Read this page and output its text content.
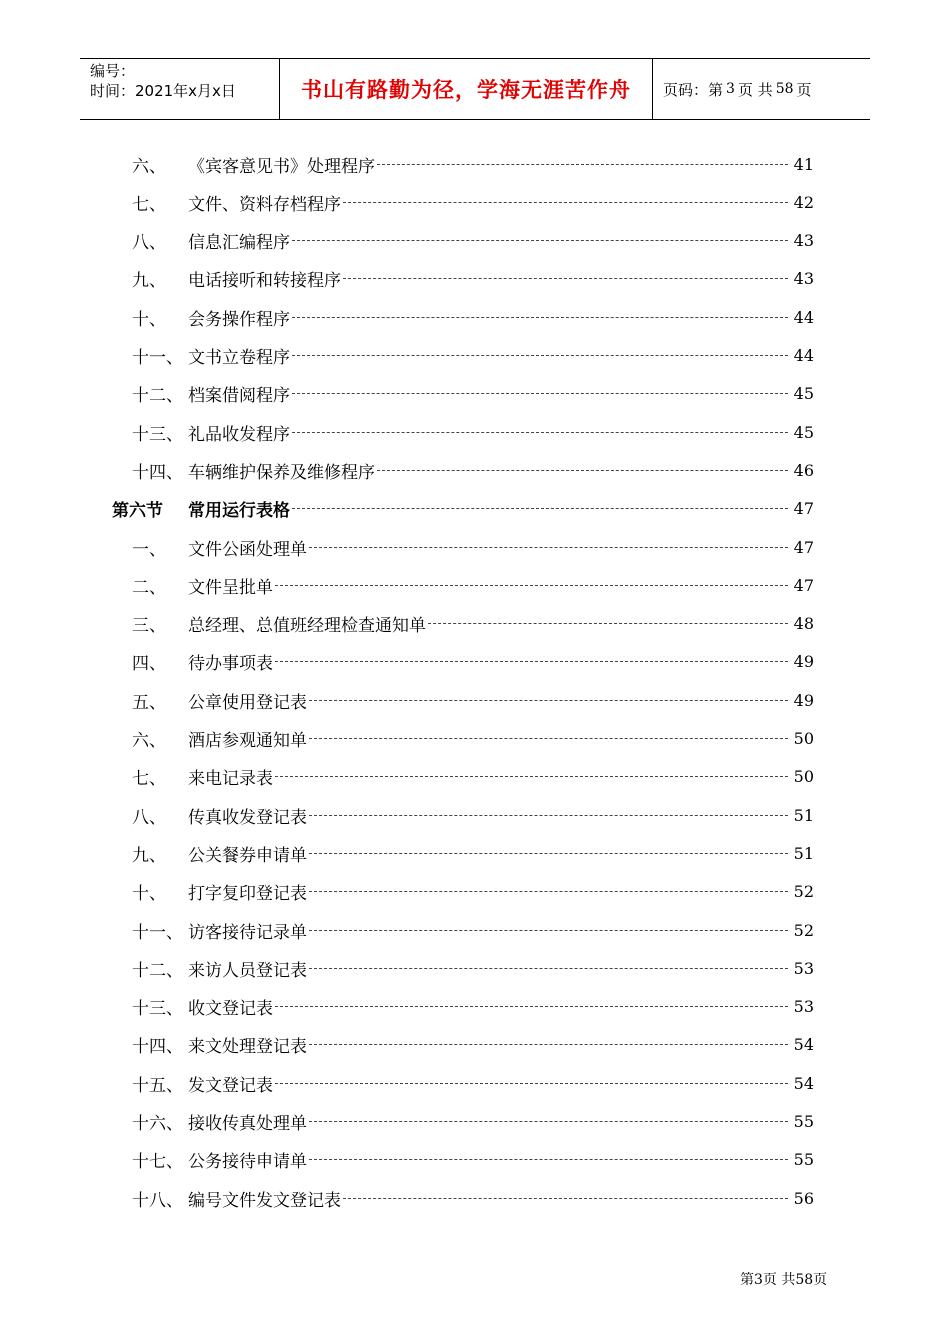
编号：
时间：2021年x月x日	书山有路勤为径，学海无涯苦作舟	页码：第 3 页 共 58 页
六、 《宾客意见书》处理程序	41
七、 文件、资料存档程序	42
八、 信息汇编程序	43
九、 电话接听和转接程序	43
十、 会务操作程序	44
十一、 文书立卷程序	44
十二、 档案借阅程序	45
十三、 礼品收发程序	45
十四、 车辆维护保养及维修程序	46
第六节 常用运行表格	47
一、 文件公函处理单	47
二、 文件呈批单	47
三、 总经理、总值班经理检查通知单	48
四、 待办事项表	49
五、 公章使用登记表	49
六、 酒店参观通知单	50
七、 来电记录表	50
八、 传真收发登记表	51
九、 公关餐券申请单	51
十、 打字复印登记表	52
十一、 访客接待记录单	52
十二、 来访人员登记表	53
十三、 收文登记表	53
十四、 来文处理登记表	54
十五、 发文登记表	54
十六、 接收传真处理单	55
十七、 公务接待申请单	55
十八、 编号文件发文登记表	56
第3页 共58页
